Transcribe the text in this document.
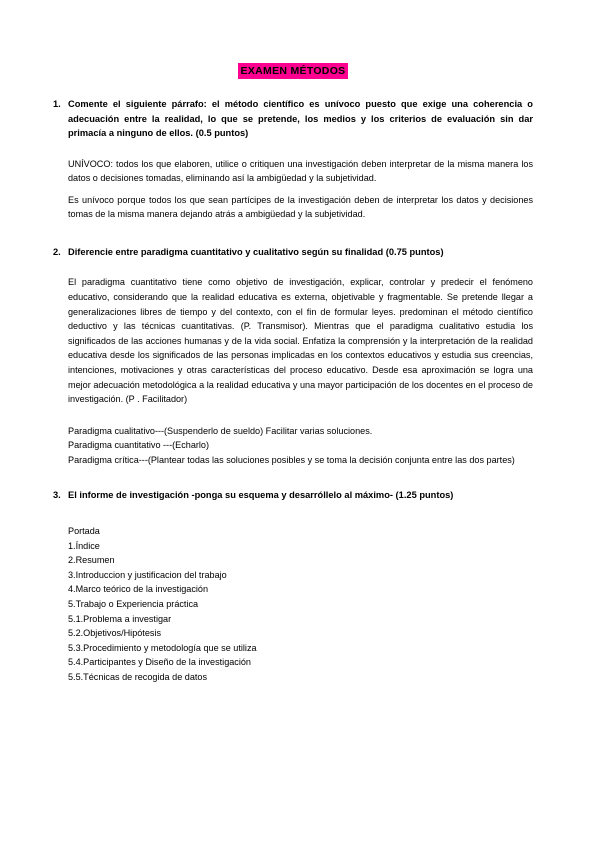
EXAMEN MÉTODOS
1. Comente el siguiente párrafo: el método científico es unívoco puesto que exige una coherencia o adecuación entre la realidad, lo que se pretende, los medios y los criterios de evaluación sin dar primacía a ninguno de ellos. (0.5 puntos)

UNÍVOCO: todos los que elaboren, utilice o critiquen una investigación deben interpretar de la misma manera los datos o decisiones tomadas, eliminando así la ambigüedad y la subjetividad.

Es unívoco porque todos los que sean partícipes de la investigación deben de interpretar los datos y decisiones tomas de la misma manera dejando atrás a ambigüedad y la subjetividad.

2. Diferencie entre paradigma cuantitativo y cualitativo según su finalidad (0.75 puntos)

El paradigma cuantitativo tiene como objetivo de investigación, explicar, controlar y predecir el fenómeno educativo, considerando que la realidad educativa es externa, objetivable y fragmentable. Se pretende llegar a generalizaciones libres de tiempo y del contexto, con el fin de formular leyes. predominan el método científico deductivo y las técnicas cuantitativas. (P. Transmisor). Mientras que el paradigma cualitativo estudia los significados de las acciones humanas y de la vida social. Enfatiza la comprensión y la interpretación de la realidad educativa desde los significados de las personas implicadas en los contextos educativos y estudia sus creencias, intenciones, motivaciones y otras características del proceso educativo. Desde esa aproximación se logra una mejor adecuación metodológica a la realidad educativa y una mayor participación de los docentes en el proceso de investigación. (P . Facilitador)

Paradigma cualitativo---(Suspenderlo de sueldo) Facilitar varias soluciones.
Paradigma cuantitativo ---(Echarlo)
Paradigma crítica---(Plantear todas las soluciones posibles y se toma la decisión conjunta entre las dos partes)
3. El informe de investigación -ponga su esquema y desarróllelo al máximo- (1.25 puntos)
Portada
1.Índice
2.Resumen
3.Introduccion y justificacion del trabajo
4.Marco teórico de la investigación
5.Trabajo o Experiencia práctica
5.1.Problema a investigar
5.2.Objetivos/Hipótesis
5.3.Procedimiento y metodología que se utiliza
5.4.Participantes y Diseño de la investigación
5.5.Técnicas de recogida de datos
